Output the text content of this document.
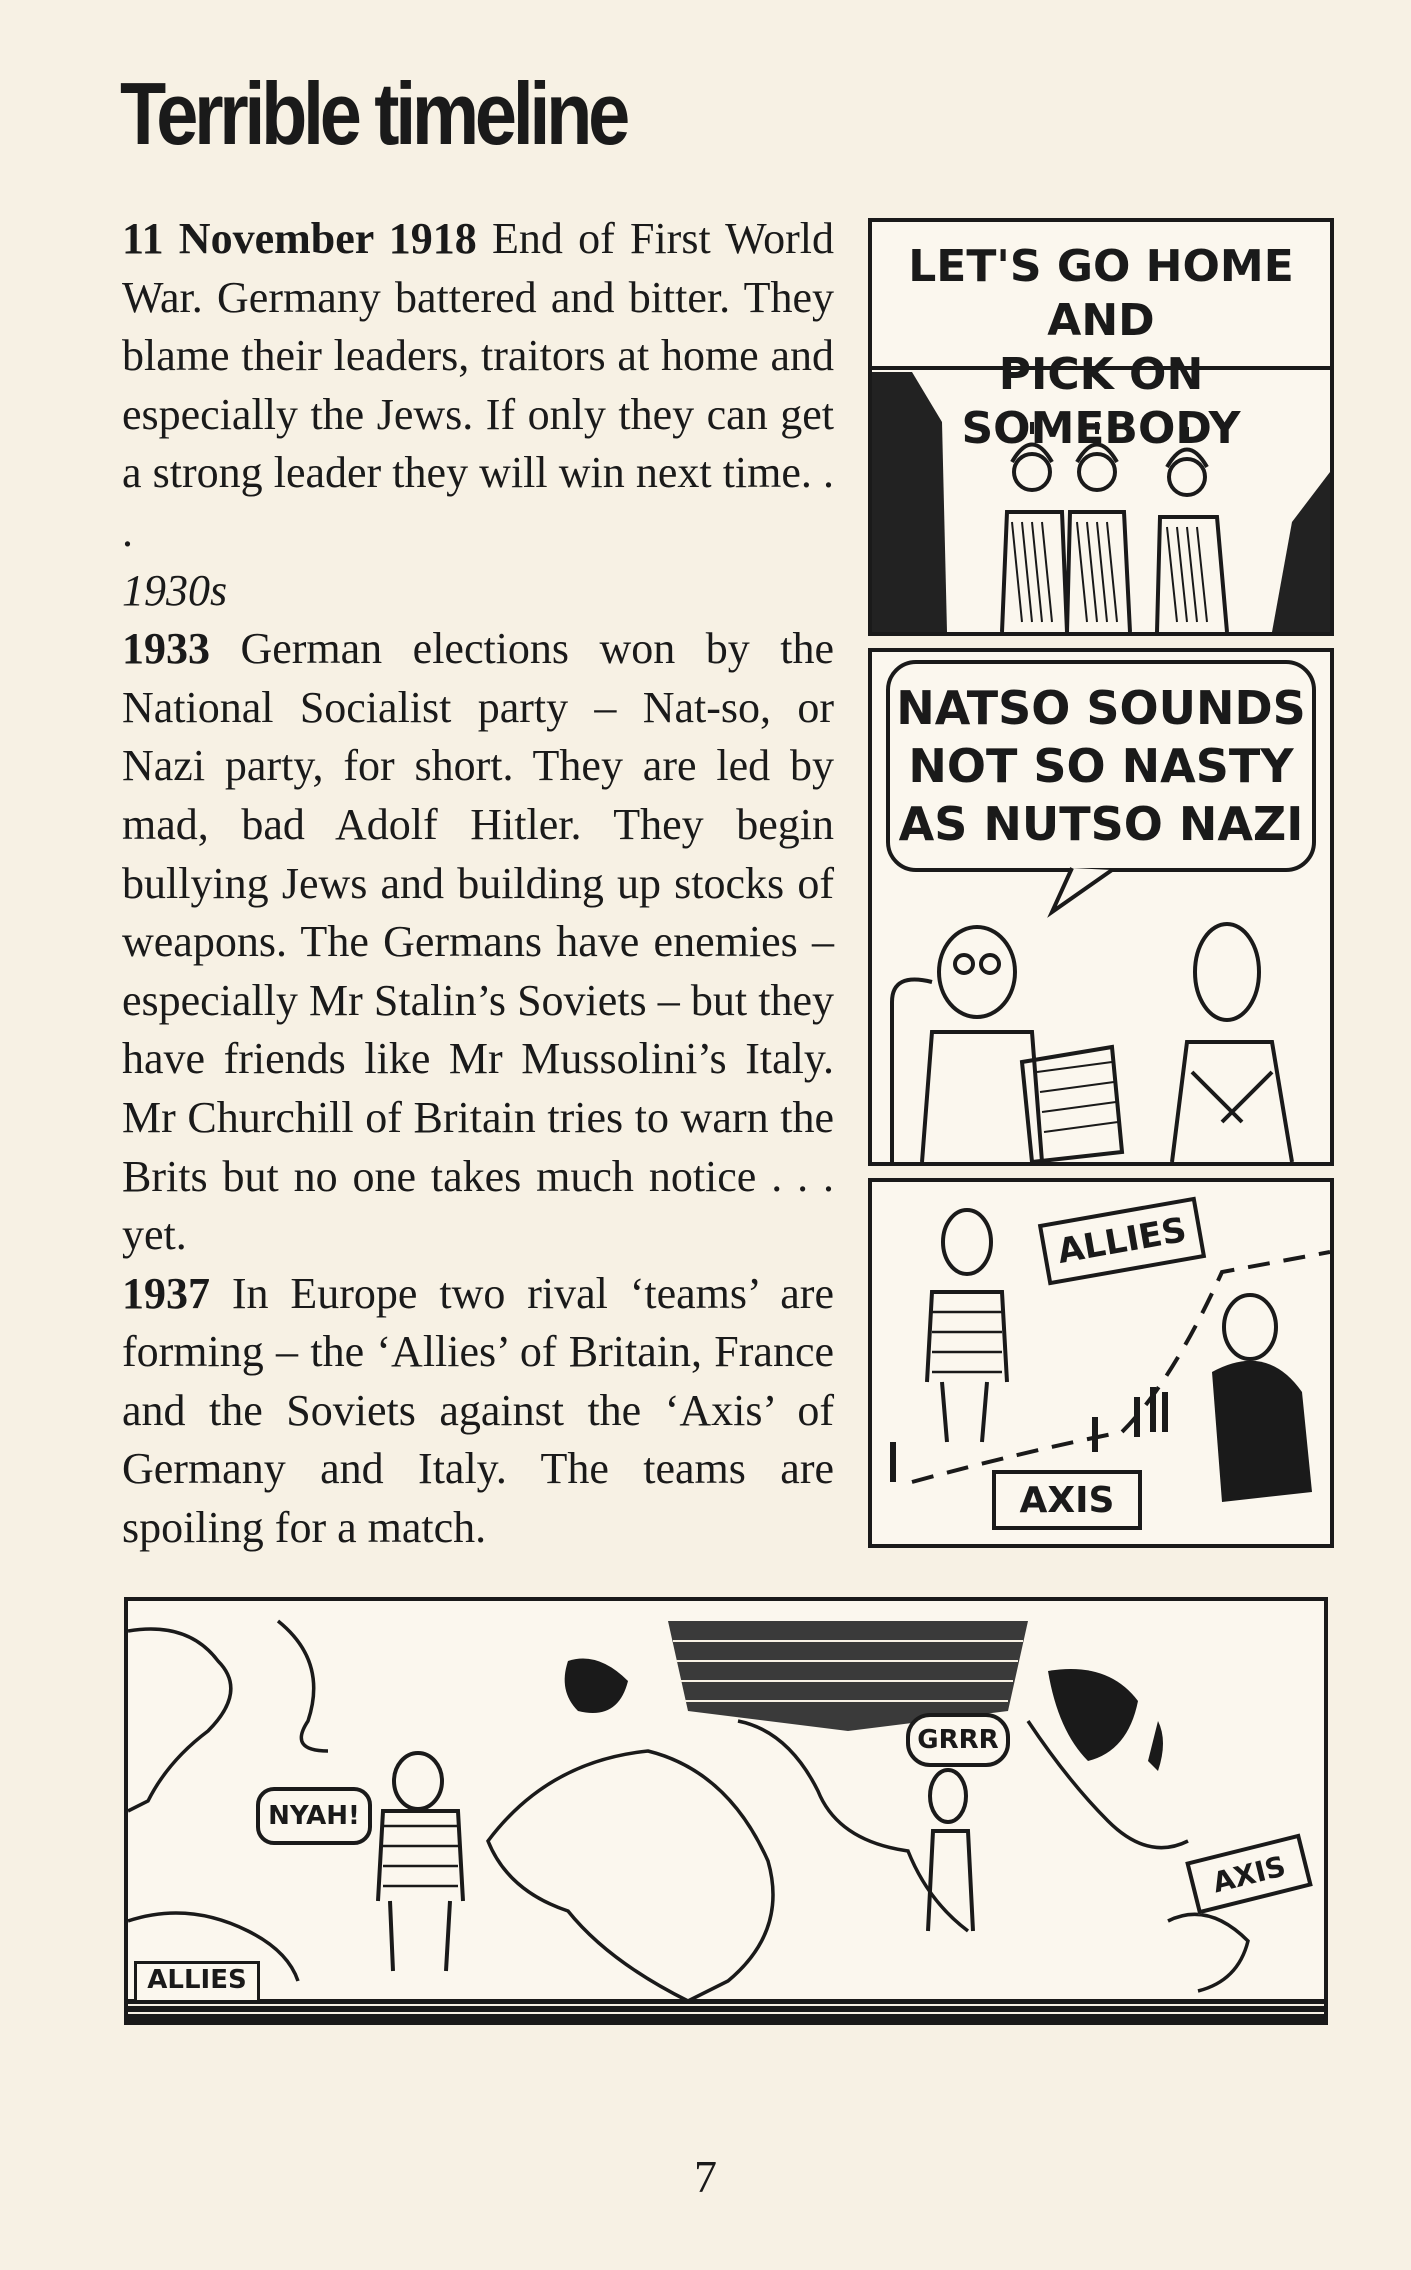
Terrible timeline

11 November 1918 End of First World War. Germany battered and bitter. They blame their leaders, traitors at home and especially the Jews. If only they can get a strong leader they will win next time. . .

1930s

1933 German elections won by the National Socialist party – Nat-so, or Nazi party, for short. They are led by mad, bad Adolf Hitler. They begin bullying Jews and building up stocks of weapons. The Germans have enemies – especially Mr Stalin’s Soviets – but they have friends like Mr Mussolini’s Italy. Mr Churchill of Britain tries to warn the Brits but no one takes much notice . . . yet.

1937 In Europe two rival ‘teams’ are forming – the ‘Allies’ of Britain, France and the Soviets against the ‘Axis’ of Germany and Italy. The teams are spoiling for a match.

LET'S GO HOME AND
PICK ON SOMEBODY
NATSO SOUNDS
NOT SO NASTY
AS NUTSO NAZI
ALLIES
AXIS
NYAH!
GRRR
AXIS
ALLIES

7
